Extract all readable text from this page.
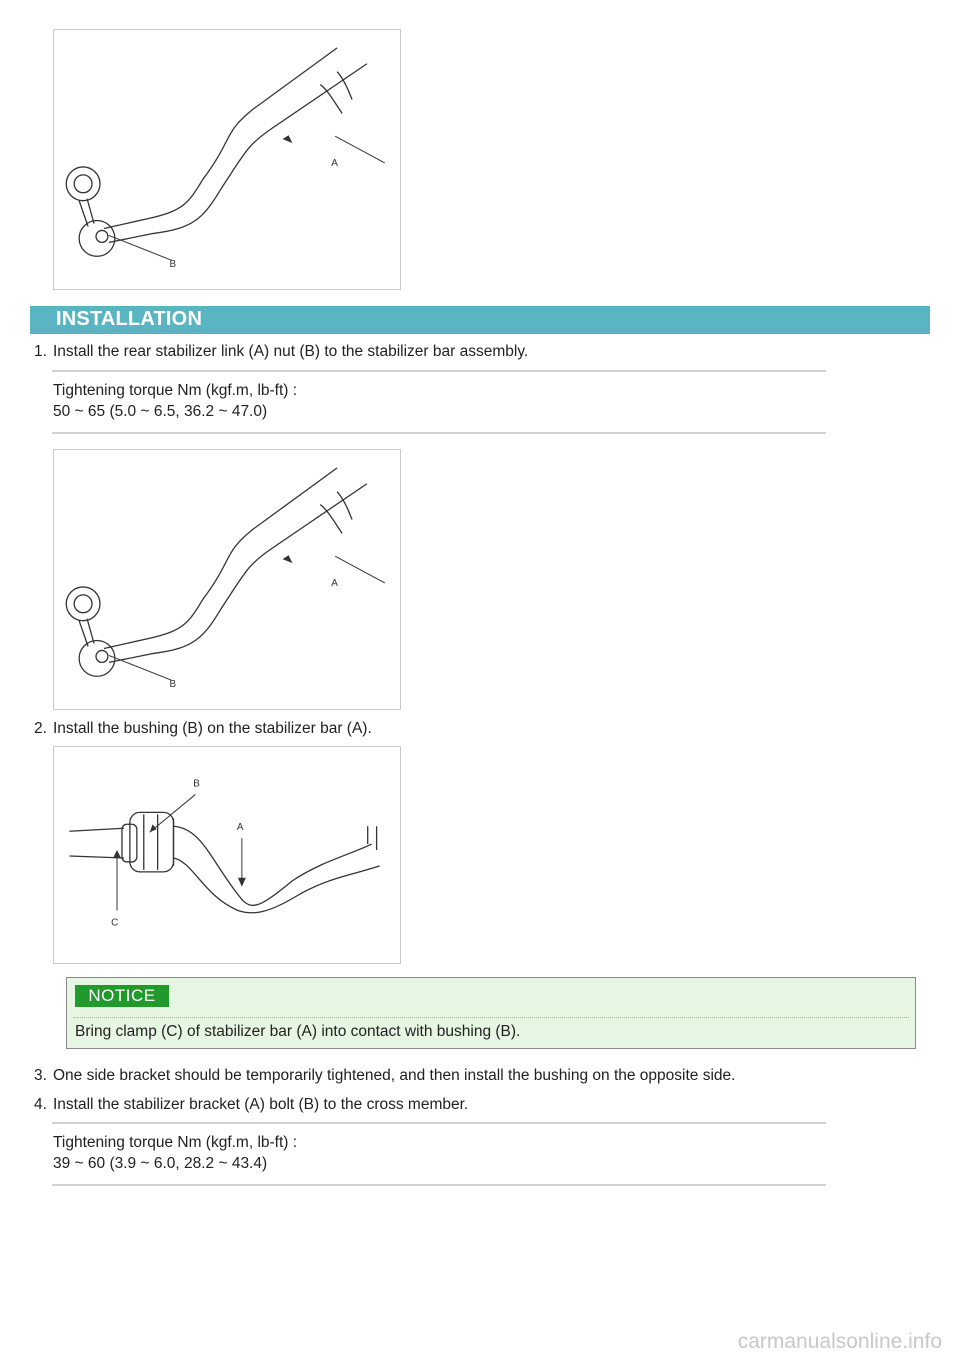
A
B
INSTALLATION
1. Install the rear stabilizer link (A) nut (B) to the stabilizer bar assembly.
Tightening torque Nm (kgf.m, lb-ft) :
50 ~ 65 (5.0 ~ 6.5, 36.2 ~ 47.0)
A
B
2. Install the bushing (B) on the stabilizer bar (A).
B
A
C
NOTICE
Bring clamp (C) of stabilizer bar (A) into contact with bushing (B).
3. One side bracket should be temporarily tightened, and then install the bushing on the opposite side.
4. Install the stabilizer bracket (A) bolt (B) to the cross member.
Tightening torque Nm (kgf.m, lb-ft) :
39 ~ 60 (3.9 ~ 6.0, 28.2 ~ 43.4)
carmanualsonline.info
